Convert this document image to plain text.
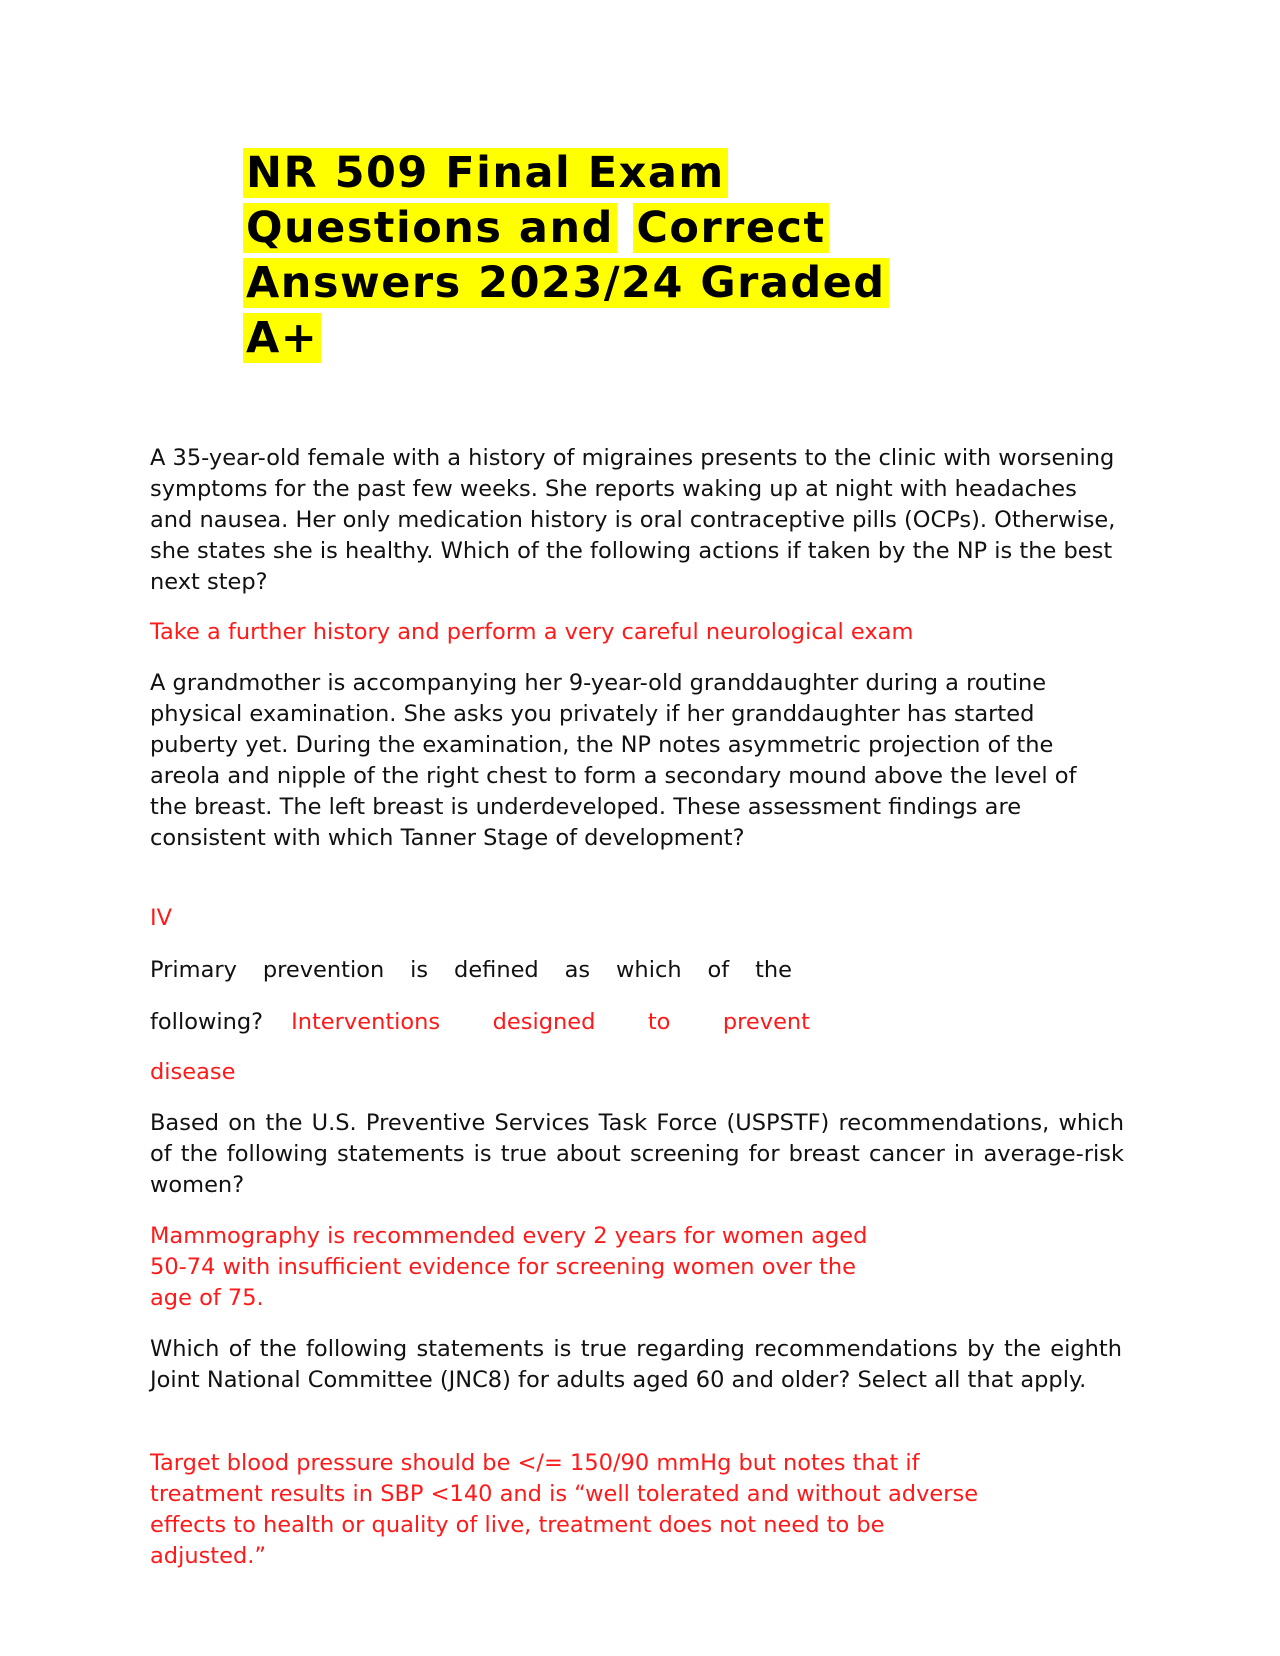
NR 509 Final Exam
Questions and Correct
Answers 2023/24 Graded
A+

A 35-year-old female with a history of migraines presents to the clinic with worsening symptoms for the past few weeks. She reports waking up at night with headaches and nausea. Her only medication history is oral contraceptive pills (OCPs). Otherwise, she states she is healthy. Which of the following actions if taken by the NP is the best next step?

Take a further history and perform a very careful neurological exam

A grandmother is accompanying her 9-year-old granddaughter during a routine physical examination. She asks you privately if her granddaughter has started puberty yet. During the examination, the NP notes asymmetric projection of the areola and nipple of the right chest to form a secondary mound above the level of the breast. The left breast is underdeveloped. These assessment findings are consistent with which Tanner Stage of development?

IV

Primary prevention is defined as which of the

following? Interventions designed to prevent

disease

Based on the U.S. Preventive Services Task Force (USPSTF) recommendations, which of the following statements is true about screening for breast cancer in average-risk women?

Mammography is recommended every 2 years for women aged
50-74 with insufficient evidence for screening women over the
age of 75.

Which of the following statements is true regarding recommendations by the eighth Joint National Committee (JNC8) for adults aged 60 and older? Select all that apply.

Target blood pressure should be </= 150/90 mmHg but notes that if
treatment results in SBP <140 and is “well tolerated and without adverse
effects to health or quality of live, treatment does not need to be
adjusted.”
